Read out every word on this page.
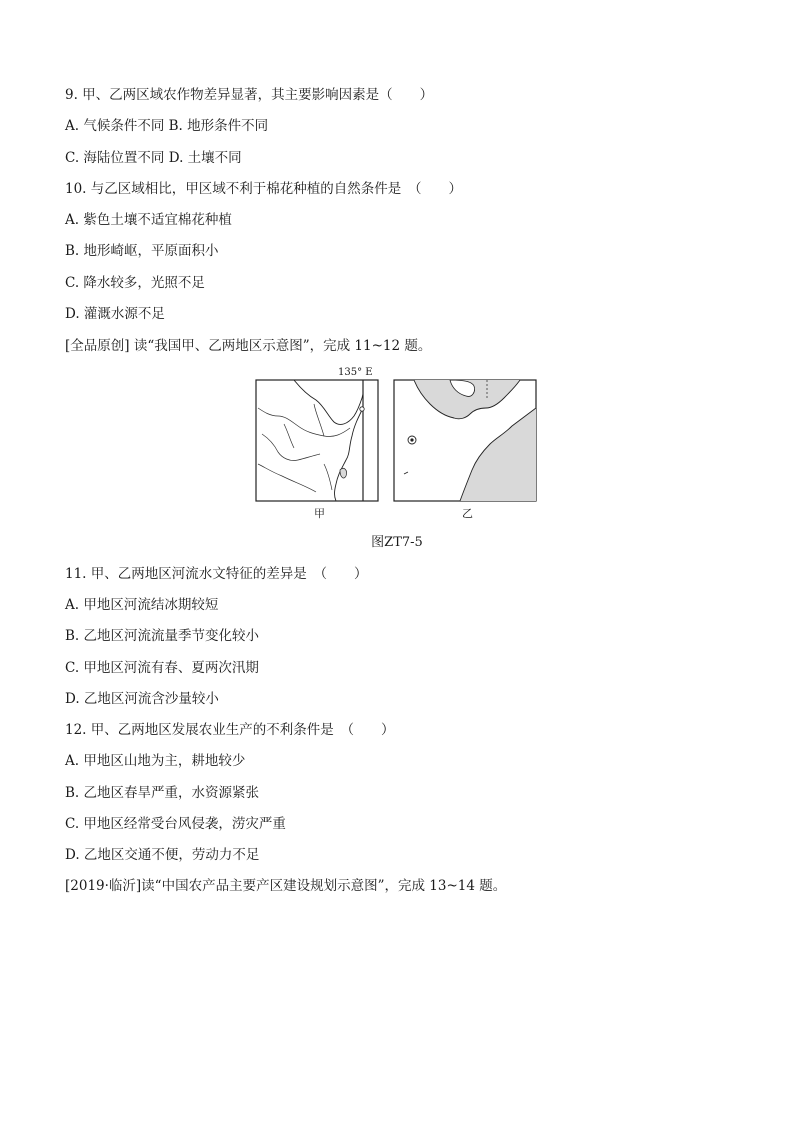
9. 甲、乙两区域农作物差异显著，其主要影响因素是（　　）
A. 气候条件不同 B. 地形条件不同
C. 海陆位置不同 D. 土壤不同
10. 与乙区域相比，甲区域不利于棉花种植的自然条件是　（　　）
A. 紫色土壤不适宜棉花种植
B. 地形崎岖，平原面积小
C. 降水较多，光照不足
D. 灌溉水源不足
[全品原创] 读“我国甲、乙两地区示意图”，完成 11~12 题。
135° E
甲	乙
图ZT7-5
11. 甲、乙两地区河流水文特征的差异是　（　　）
A. 甲地区河流结冰期较短
B. 乙地区河流流量季节变化较小
C. 甲地区河流有春、夏两次汛期
D. 乙地区河流含沙量较小
12. 甲、乙两地区发展农业生产的不利条件是　（　　）
A. 甲地区山地为主，耕地较少
B. 乙地区春旱严重，水资源紧张
C. 甲地区经常受台风侵袭，涝灾严重
D. 乙地区交通不便，劳动力不足
[2019·临沂]读“中国农产品主要产区建设规划示意图”，完成 13~14 题。
